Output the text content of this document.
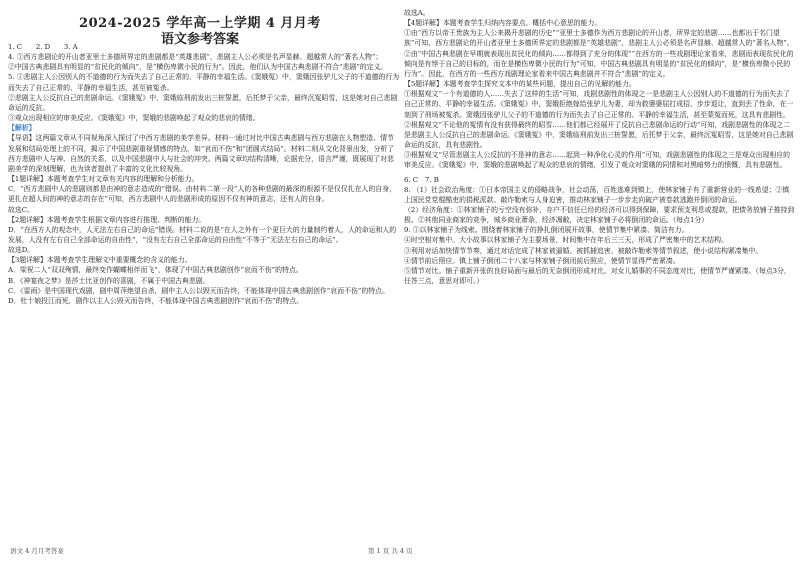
2024-2025 学年高一上学期 4 月月考
语文参考答案

1. C　　2. D　　3. A

4. ①西方悲剧论的开山者亚里士多德所界定的悲剧都是“英雄悲剧”，悲剧主人公必须是名声显赫、超越常人的“著名人物”；

②中国古典悲剧具有明显的“贫民化的倾向”，是“横伤卑微小民的行为”。因此，他们认为中国古典悲剧不符合“悲剧”的定义。

5. ①悲剧主人公因别人的不道德的行为而失去了自己正常的、平静的幸福生活。《窦娥冤》中，窦娥因张驴儿父子的不道德的行为而失去了自己正常的、平静的幸福生活，甚至被冤杀。

②悲剧主人公反抗自己的悲剧命运。《窦娥冤》中，窦娥临刑前发出三桩誓愿，后托梦于父亲，最终沉冤昭雪，这是她对自己悲剧命运的反抗。

③观众出现相应的审美反应。《窦娥冤》中，窦娥的悲剧唤起了观众的悲哀的情绪。

【解析】

【导语】这两篇文章从不同视角深入探讨了中西方悲剧的美学差异。材料一通过对比中国古典悲剧与西方悲剧在人物塑造、情节发展和结局处理上的不同，揭示了中国悲剧重视情感的特点，如“哀而不伤”和“团圆式结局”。材料二则从文化背景出发，分析了西方悲剧中人与神、自然的关系，以及中国悲剧中人与社会的冲突。两篇文章均结构清晰，论据充分，语言严谨，既展现了对悲剧美学的深刻理解，也为读者提供了丰富的文化比较视角。

【1题详解】本题考查学生对文章有关内容的理解和分析能力。

C．“西方悲剧中人的悲剧则都是由神的意志造成的”错误。由材料二第一段“人的各种悲剧的最深的根源不是仅仅扎在人的自身，更扎在超人间的神的意志的存在”可知，西方悲剧中人的悲剧形成的原因不仅有神的意志，还有人的自身。

故选C。

【2题详解】本题考查学生根据文章内容进行推理、判断的能力。

D．“在西方人的观念中，人无法左右自己的命运”错误。材料二说的是“在人之外有一个更巨大的力量制约着人，人的命运和人的发展，人没有左右自己全部命运的自由性”，“没有左右自己全部命运的自由性”不等于“无法左右自己的命运”。

故选D。

【3题详解】本题考查学生理解文中重要概念的含义的能力。

A．梁祝二人“双双殉情，最终变作蝴蝶相伴而飞”，体现了中国古典悲剧创作“哀而不伤”的特点。

B．《神宴夜之梦》是莎士比亚创作的喜剧，不属于中国古典悲剧。

C．《雷雨》是中国现代戏剧，剧中周萍绝望自杀，剧中主人公以毁灭而告终，不能体现中国古典悲剧创作“哀而不伤”的特点。

D．杜十娘投江而死，剧作以主人公毁灭而告终，不能体现中国古典悲剧创作“哀而不伤”的特点。

故选A。

【4题详解】本题考查学生归纳内容要点、概括中心意思的能力。

①由“西方以帝王贵族为主人公来揭开悲剧的历史”“亚里士多德作为西方悲剧论的开山者，所界定的悲剧……也都出于名门望族”可知，西方悲剧论的开山者亚里士多德所界定的悲剧都是“英雄悲剧”，悲剧主人公必须是名声显赫、超越常人的“著名人物”。

②由“中国古典悲剧在早期就表现出贫民化的倾向……都得到了充分的体现”“在西方的一些戏剧理论家看来，悲剧而表现贫民化的倾向是有悖于自己的目标的，而在是横伤卑微小民的行为”可知，中国古典悲剧具有明显的“贫民化的倾向”，是“横伤卑微小民的行为”。因此，在西方的一些西方戏剧理论家看来中国古典悲剧并不符合“悲剧”的定义。

【5题详解】本题考查学生探究文本中的某些问题，提出自己的见解的能力。

①根据观文“一个有道德的人……失去了这样的生活”可知，戏剧悲剧性的体现之一是悲剧主人公因别人的不道德的行为而失去了自己正常的、平静的幸福生活。《窦娥冤》中，窦娥拒绝嫁给张驴儿为妻，却为救婆婆屈打成招，步步退让，直到丢了性命，在一刻到了刑场被冤杀。窦娥因张驴儿父子的不道德的行为而失去了自己正常的、平静的幸福生活，甚至蒙冤而死，这具有悲剧性。

②根据观文“不论他的冤情有没有获得最终的昭雪……他们都已经展开了反抗自己悲剧命运的行动”可知，戏剧悲剧性的体现之二是悲剧主人公反抗自己的悲剧命运。《窦娥冤》中，窦娥临刑前发出三桩誓愿，后托梦于父亲，最终沉冤昭雪，这是她对自己悲剧命运的反抗，具有悲剧性。

③根据观文“尽管悲剧主人公反抗的不是神的意志……起到一种净化心灵的作用”可知，戏剧悲剧性的体现之三是观众出现相应的审美反应。《窦娥冤》中，窦娥的悲剧唤起了观众的悲哀的情绪，引发了观众对窦娥的同情和对黑暗势力的愤慨，具有悲剧性。

6. C　7. B

8. （1）社会政治角度：①日本帝国主义的侵略战争，社会动荡，百姓逃难到镇上，使林家铺子有了重新营业的一线希望；②镇上国民党党棍酷吏的捐税派款、敲诈勒索与人身迫害，推动林家铺子一步步走向破产被卷款逃跑并倒闭的命运。

（2）经济角度：①林家铺子的亏空没有弥补，存户不信任已经的经济可以得到保障，要求预支利息或提款，把债务放铺子推持到极。②其他同业商家的竞争，城乡商业萧条，经济凋敝，决定林家铺子必将倒闭的命运。（每点1分）

9. ①以林家铺子为线索。围绕着林家铺子的挣扎倒闭展开故事，使情节集中紧凑、简洁有力。

④时空相对集中。大小故事以林家铺子为主要场景，时间集中在年后三三天，形成了严密集中的艺术结构。

③利用对话加快情节节奏，通过对话完成了林家被逼婚、被抓捕追害、被敲诈勒索等情节叙述，使小说结构紧凑集中。

④情节前后照应。镇上铺子倒闭二十八家与林家铺子倒闭前后照应，使情节显得严密紧凑。

⑤情节对比。铺子重新开张的良好局面与最后的无奈倒闭形成对比，对女儿婚事的不同态度对比，使情节严谨紧凑。（每点3分，任答三点，意思对即可。）

语文 4 月月考答案	第 1 页 共 4 页
